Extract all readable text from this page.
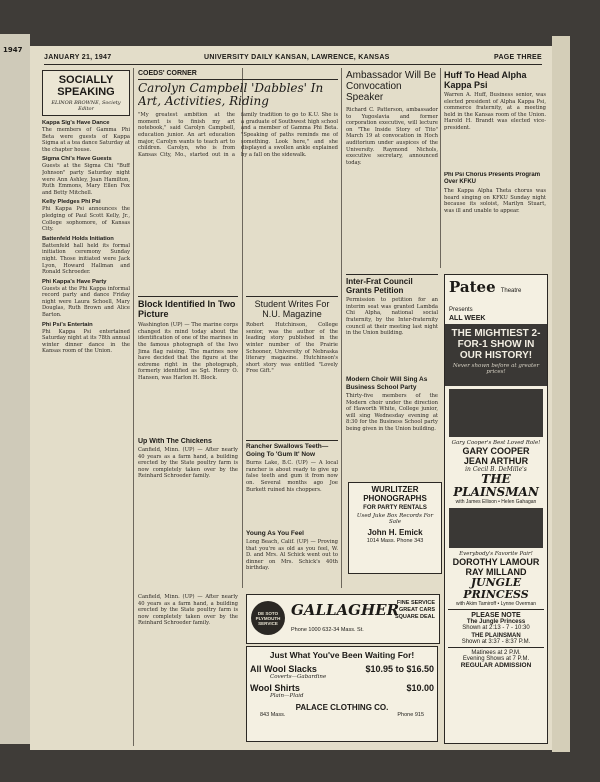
1947
JANUARY 21, 1947	UNIVERSITY DAILY KANSAN, LAWRENCE, KANSAS	PAGE THREE
SOCIALLY SPEAKING
ELINOR BROWNE, Society Editor
Kappa Sig's Have Dance
The members of Gamma Phi Beta were guests of Kappa Sigma at a tea dance Saturday at the chapter house.
Sigma Chi's Have Guests
Guests at the Sigma Chi "Buff Johnson" party Saturday night were Ann Ashley, Joan Hamilton, Ruth Emmons, Mary Ellen Fox and Betty Mitchell.
Kelly Pledges Phi Psi
Phi Kappa Psi announces the pledging of Paul Scott Kelly, Jr., College sophomore, of Kansas City.
Battenfeld Holds Initiation
Battenfeld hall held its formal initiation ceremony Sunday night. Those initiated were Jack Lyon, Howard Hallman and Ronald Schroeder.
Phi Kappa's Have Party
Guests at the Phi Kappa informal record party and dance Friday night were Laura Schoell, Mary Douglas, Ruth Brown and Alice Barton.
Phi Psi's Entertain
Phi Kappa Psi entertained Saturday night at its 78th annual winter dinner dance in the Kansas room of the Union.
COEDS' CORNER
Carolyn Campbell 'Dabbles' In Art, Activities, Riding
"My greatest ambition at the moment is to finish my art notebook," said Carolyn Campbell, education junior. An art education major, Carolyn wants to teach art to children. Carolyn, who is from Kansas City, Mo., started out in a family tradition to go to K.U. She is a graduate of Southwest high school and a member of Gamma Phi Beta. "Speaking of paths reminds me of something. Look here," and she displayed a swollen ankle explained by a fall on the sidewalk.
Block Identified In Two Picture
Washington (UP) — The marine corps changed its mind today about the identification of one of the marines in the famous photograph of the Iwo Jima flag raising. The marines now have decided that the figure at the extreme right in the photograph, formerly identified as Sgt. Henry O. Hansen, was Harlon H. Block.
Up With The Chickens
Canfield, Minn. (UP) — After nearly 40 years as a farm hand, a building erected by the State poultry farm is now completely taken over by the Reinhard Schroeder family.
Student Writes For N.U. Magazine
Robert Hutchinson, College senior, was the author of the leading story published in the winter number of the Prairie Schooner, University of Nebraska literary magazine. Hutchinson's short story was entitled "Lovely Free Gift."
Rancher Swallows Teeth—Going To 'Gum It' Now
Burns Lake, B.C. (UP) — A local rancher is about ready to give up false teeth and gum it from now on. Several months ago Joe Burkett ruined his choppers.
Young As You Feel
Long Beach, Calif. (UP) — Proving that you're as old as you feel, W. D. and Mrs. Al Schick went out to dinner on Mrs. Schick's 40th birthday.
Ambassador Will Be Convocation Speaker
Richard C. Patterson, ambassador to Yugoslavia and former corporation executive, will lecture on "The Inside Story of Tito" March 19 at convocation in Hoch auditorium under auspices of the University. Raymond Nichols, executive secretary, announced today.
Inter-Frat Council Grants Petition
Permission to petition for an interim seat was granted Lambda Chi Alpha, national social fraternity, by the Inter-fraternity council at their meeting last night in the Union building.
Modern Choir Will Sing As Business School Party
Thirty-five members of the Modern choir under the direction of Haworth White, College junior, will sing Wednesday evening at 8:30 for the Business School party being given in the Union building.
WURLITZER PHONOGRAPHS
FOR PARTY RENTALS
Used Juke Box Records For Sale
John H. Emick
1014 Mass. Phone 343
Huff To Head Alpha Kappa Psi
Warren A. Huff, Business senior, was elected president of Alpha Kappa Psi, commerce fraternity, at a meeting held in the Kansas room of the Union. Harold H. Brandt was elected vice-president.
Phi Psi Chorus Presents Program Over KFKU
The Kappa Alpha Theta chorus was heard singing on KFKU Sunday night because its soloist, Marilyn Stuart, was ill and unable to appear.
Patee Theatre Presents
ALL WEEK
THE MIGHTIEST 2-FOR-1 SHOW IN OUR HISTORY!
Never shown before at greater prices!
Gary Cooper's Best Loved Role!
GARY COOPER
JEAN ARTHUR
in Cecil B. DeMille's
THE PLAINSMAN
with James Ellison • Helen Gahagan
Everybody's Favorite Pair!
DOROTHY LAMOUR
RAY MILLAND
JUNGLE PRINCESS
with Akim Tamiroff • Lynne Overman
PLEASE NOTE
The Jungle Princess
Shown at 2:13 - 7 - 10:30
THE PLAINSMAN
Shown at 3:37 - 8:37 P.M.
Matinees at 2 P.M.
Evening Shows at 7 P.M.
REGULAR ADMISSION
DE SOTO PLYMOUTH SERVICE
GALLAGHER
FINE SERVICE
GREAT CARS
SQUARE DEAL
Phone 1000 632-34 Mass. St.
Just What You've Been Waiting For!
All Wool Slacks	$10.95 to $16.50
Coverts—Gabardine
Wool Shirts	$10.00
Plain—Plaid
PALACE CLOTHING CO.
843 Mass.	Phone 915
Canfield, Minn. (UP) — After nearly 40 years as a farm hand, a building erected by the State poultry farm is now completely taken over by the Reinhard Schroeder family.
